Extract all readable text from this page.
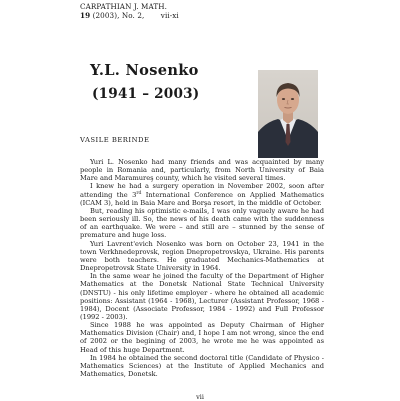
CARPATHIAN J. MATH.
19 (2003), No. 2, vii-xi
Y.L. Nosenko
(1941 – 2003)
VASILE BERINDE

Yuri L. Nosenko had many friends and was acquainted by many people in Romania and, particularly, from North University of Baia Mare and Maramureş county, which he visited several times.

I knew he had a surgery operation in November 2002, soon after attending the 3rd International Conference on Applied Mathematics (ICAM 3), held in Baia Mare and Borşa resort, in the middle of October.

But, reading his optimistic e-mails, I was only vaguely aware he had been seriously ill. So, the news of his death came with the suddenness of an earthquake. We were – and still are – stunned by the sense of premature and huge loss.

Yuri Lavrent'evich Nosenko was born on October 23, 1941 in the town Verkhnedeprovsk, region Dnepropetrovskya, Ukraine. His parents were both teachers. He graduated Mechanics-Mathematics at Dnepropetrovsk State University in 1964.

In the same wear he joined the faculty of the Department of Higher Mathematics at the Donetsk National State Technical University (DNSTU) - his only lifetime employer - where he obtained all academic positions: Assistant (1964 - 1968), Lecturer (Assistant Professor, 1968 - 1984), Docent (Associate Professor, 1984 - 1992) and Full Professor (1992 - 2003).

Since 1988 he was appointed as Deputy Chairman of Higher Mathematics Division (Chair) and, I hope I am not wrong, since the end of 2002 or the begining of 2003, he wrote me he was appointed as Head of this huge Department.

In 1984 he obtained the second doctoral title (Candidate of Physico - Mathematics Sciences) at the Institute of Applied Mechanics and Mathematics, Donetsk.

vii
